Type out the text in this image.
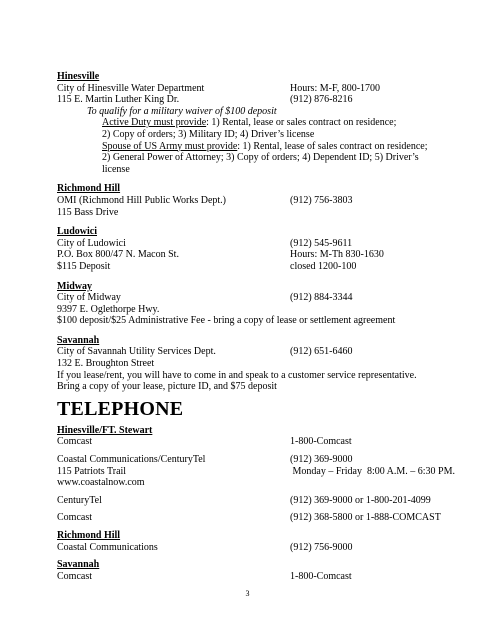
Hinesville
City of Hinesville Water Department	Hours: M-F, 800-1700
115 E. Martin Luther King Dr.	(912) 876-8216
To qualify for a military waiver of $100 deposit
Active Duty must provide: 1) Rental, lease or sales contract on residence;
2) Copy of orders; 3) Military ID; 4) Driver’s license
Spouse of US Army must provide: 1) Rental, lease of sales contract on residence;
2) General Power of Attorney; 3) Copy of orders; 4) Dependent ID; 5) Driver’s
license
Richmond Hill
OMI (Richmond Hill Public Works Dept.)	(912) 756-3803
115 Bass Drive
Ludowici
City of Ludowici	(912) 545-9611
P.O. Box 800/47 N. Macon St.	Hours: M-Th 830-1630
$115 Deposit	closed 1200-100
Midway
City of Midway	(912) 884-3344
9397 E. Oglethorpe Hwy.
$100 deposit/$25 Administrative Fee - bring a copy of lease or settlement agreement
Savannah
City of Savannah Utility Services Dept.	(912) 651-6460
132 E. Broughton Street
If you lease/rent, you will have to come in and speak to a customer service representative.
Bring a copy of your lease, picture ID, and $75 deposit
TELEPHONE
Hinesville/FT. Stewart
Comcast	1-800-Comcast
Coastal Communications/CenturyTel	(912) 369-9000
115 Patriots Trail	Monday – Friday  8:00 A.M. – 6:30 PM.
www.coastalnow.com
CenturyTel	(912) 369-9000 or 1-800-201-4099
Comcast	(912) 368-5800 or 1-888-COMCAST
Richmond Hill
Coastal Communications	(912) 756-9000
Savannah
Comcast	1-800-Comcast
3
